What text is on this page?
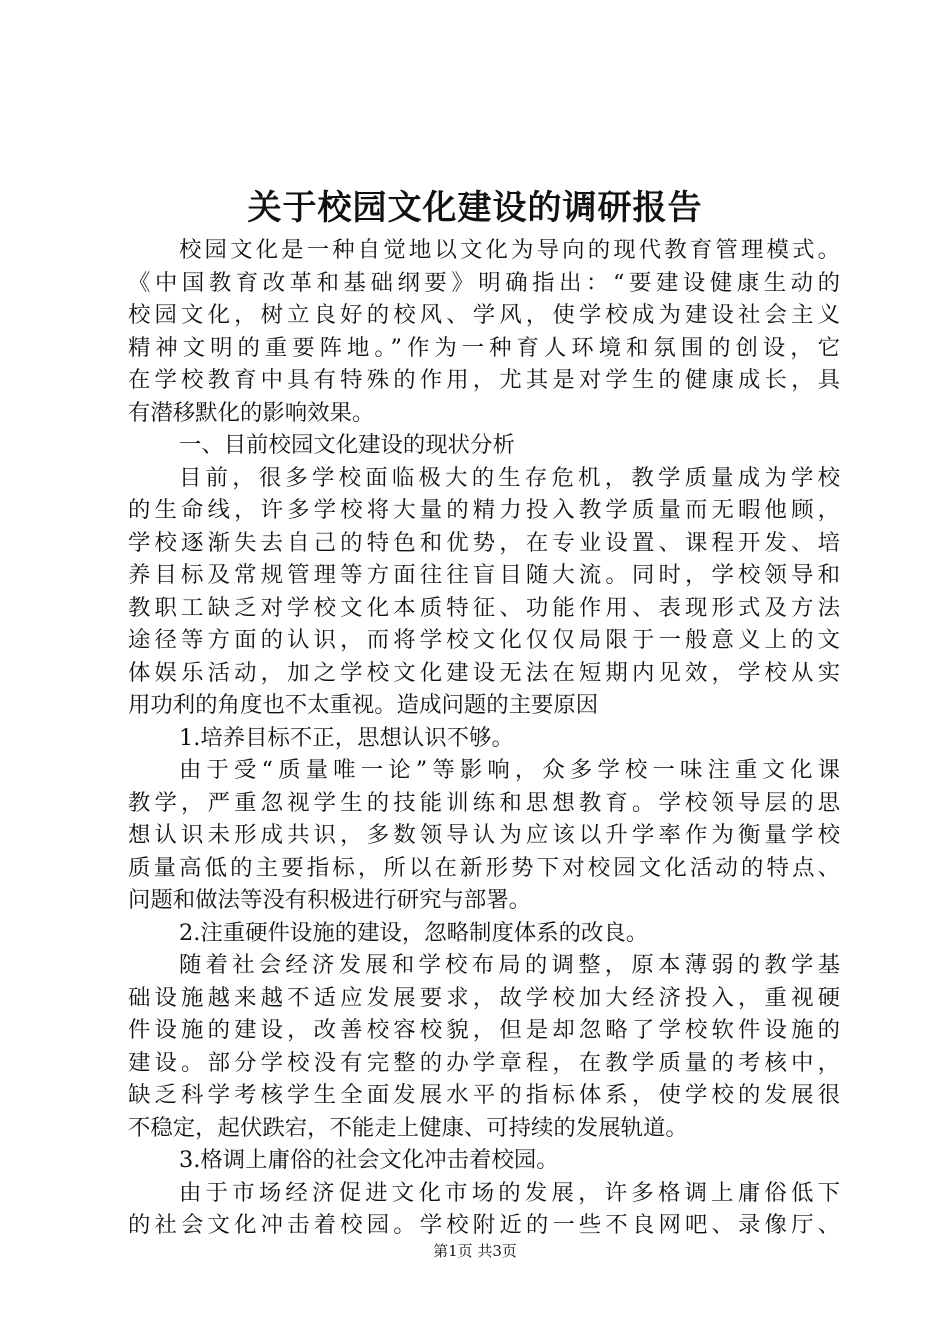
关于校园文化建设的调研报告
校园文化是一种自觉地以文化为导向的现代教育管理模式。
《中国教育改革和基础纲要》明确指出：“要建设健康生动的
校园文化，树立良好的校风、学风，使学校成为建设社会主义
精神文明的重要阵地。”作为一种育人环境和氛围的创设，它
在学校教育中具有特殊的作用，尤其是对学生的健康成长，具
有潜移默化的影响效果。
一、目前校园文化建设的现状分析
目前，很多学校面临极大的生存危机，教学质量成为学校
的生命线，许多学校将大量的精力投入教学质量而无暇他顾，
学校逐渐失去自己的特色和优势，在专业设置、课程开发、培
养目标及常规管理等方面往往盲目随大流。同时，学校领导和
教职工缺乏对学校文化本质特征、功能作用、表现形式及方法
途径等方面的认识，而将学校文化仅仅局限于一般意义上的文
体娱乐活动，加之学校文化建设无法在短期内见效，学校从实
用功利的角度也不太重视。造成问题的主要原因
1.培养目标不正，思想认识不够。
由于受“质量唯一论”等影响，众多学校一味注重文化课
教学，严重忽视学生的技能训练和思想教育。学校领导层的思
想认识未形成共识，多数领导认为应该以升学率作为衡量学校
质量高低的主要指标，所以在新形势下对校园文化活动的特点、
问题和做法等没有积极进行研究与部署。
2.注重硬件设施的建设，忽略制度体系的改良。
随着社会经济发展和学校布局的调整，原本薄弱的教学基
础设施越来越不适应发展要求，故学校加大经济投入，重视硬
件设施的建设，改善校容校貌，但是却忽略了学校软件设施的
建设。部分学校没有完整的办学章程，在教学质量的考核中，
缺乏科学考核学生全面发展水平的指标体系，使学校的发展很
不稳定，起伏跌宕，不能走上健康、可持续的发展轨道。
3.格调上庸俗的社会文化冲击着校园。
由于市场经济促进文化市场的发展，许多格调上庸俗低下
的社会文化冲击着校园。学校附近的一些不良网吧、录像厅、
第1页 共3页
